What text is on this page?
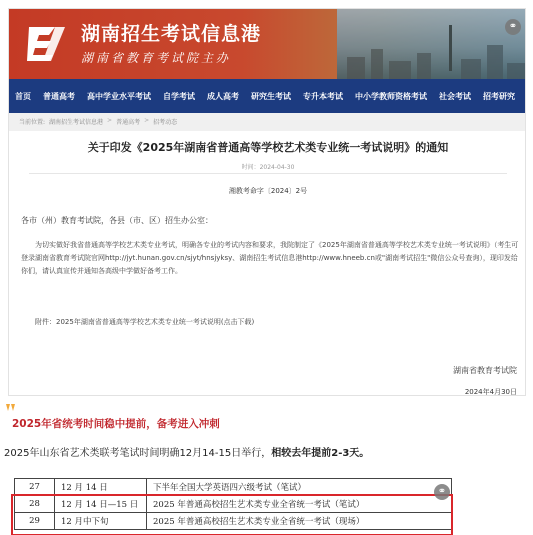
湖南招生考试信息港
湖南省教育考试院主办
⚭
首页	普通高考	高中学业水平考试	自学考试	成人高考	研究生考试	专升本考试	中小学教师资格考试	社会考试	招考研究
当前位置: 湖南招生考试信息港 > 普通高考 > 招考动态
关于印发《2025年湖南省普通高等学校艺术类专业统一考试说明》的通知
时间：2024-04-30
湘教考命字〔2024〕2号
各市（州）教育考试院，各县（市、区）招生办公室：
为切实做好我省普通高等学校艺术类专业考试，明确各专业的考试内容和要求，我院制定了《2025年湖南省普通高等学校艺术类专业统一考试说明》（考生可登录湖南省教育考试院官网http://jyt.hunan.gov.cn/sjyt/hnsjyksy、湖南招生考试信息港http://www.hneeb.cn或"湖南考试招生"微信公众号查询），现印发给你们，请认真宣传并通知各高级中学做好备考工作。
附件：2025年湖南省普通高等学校艺术类专业统一考试说明(点击下载)
湖南省教育考试院
2024年4月30日
2025年省统考时间稳中提前，备考进入冲刺
2025年山东省艺术类联考笔试时间明确12月14-15日举行，相较去年提前2-3天。
27	12 月 14 日	下半年全国大学英语四六级考试（笔试）
28	12 月 14 日—15 日	2025 年普通高校招生艺术类专业全省统一考试（笔试）
29	12 月中下旬	2025 年普通高校招生艺术类专业全省统一考试（现场）
⚭
